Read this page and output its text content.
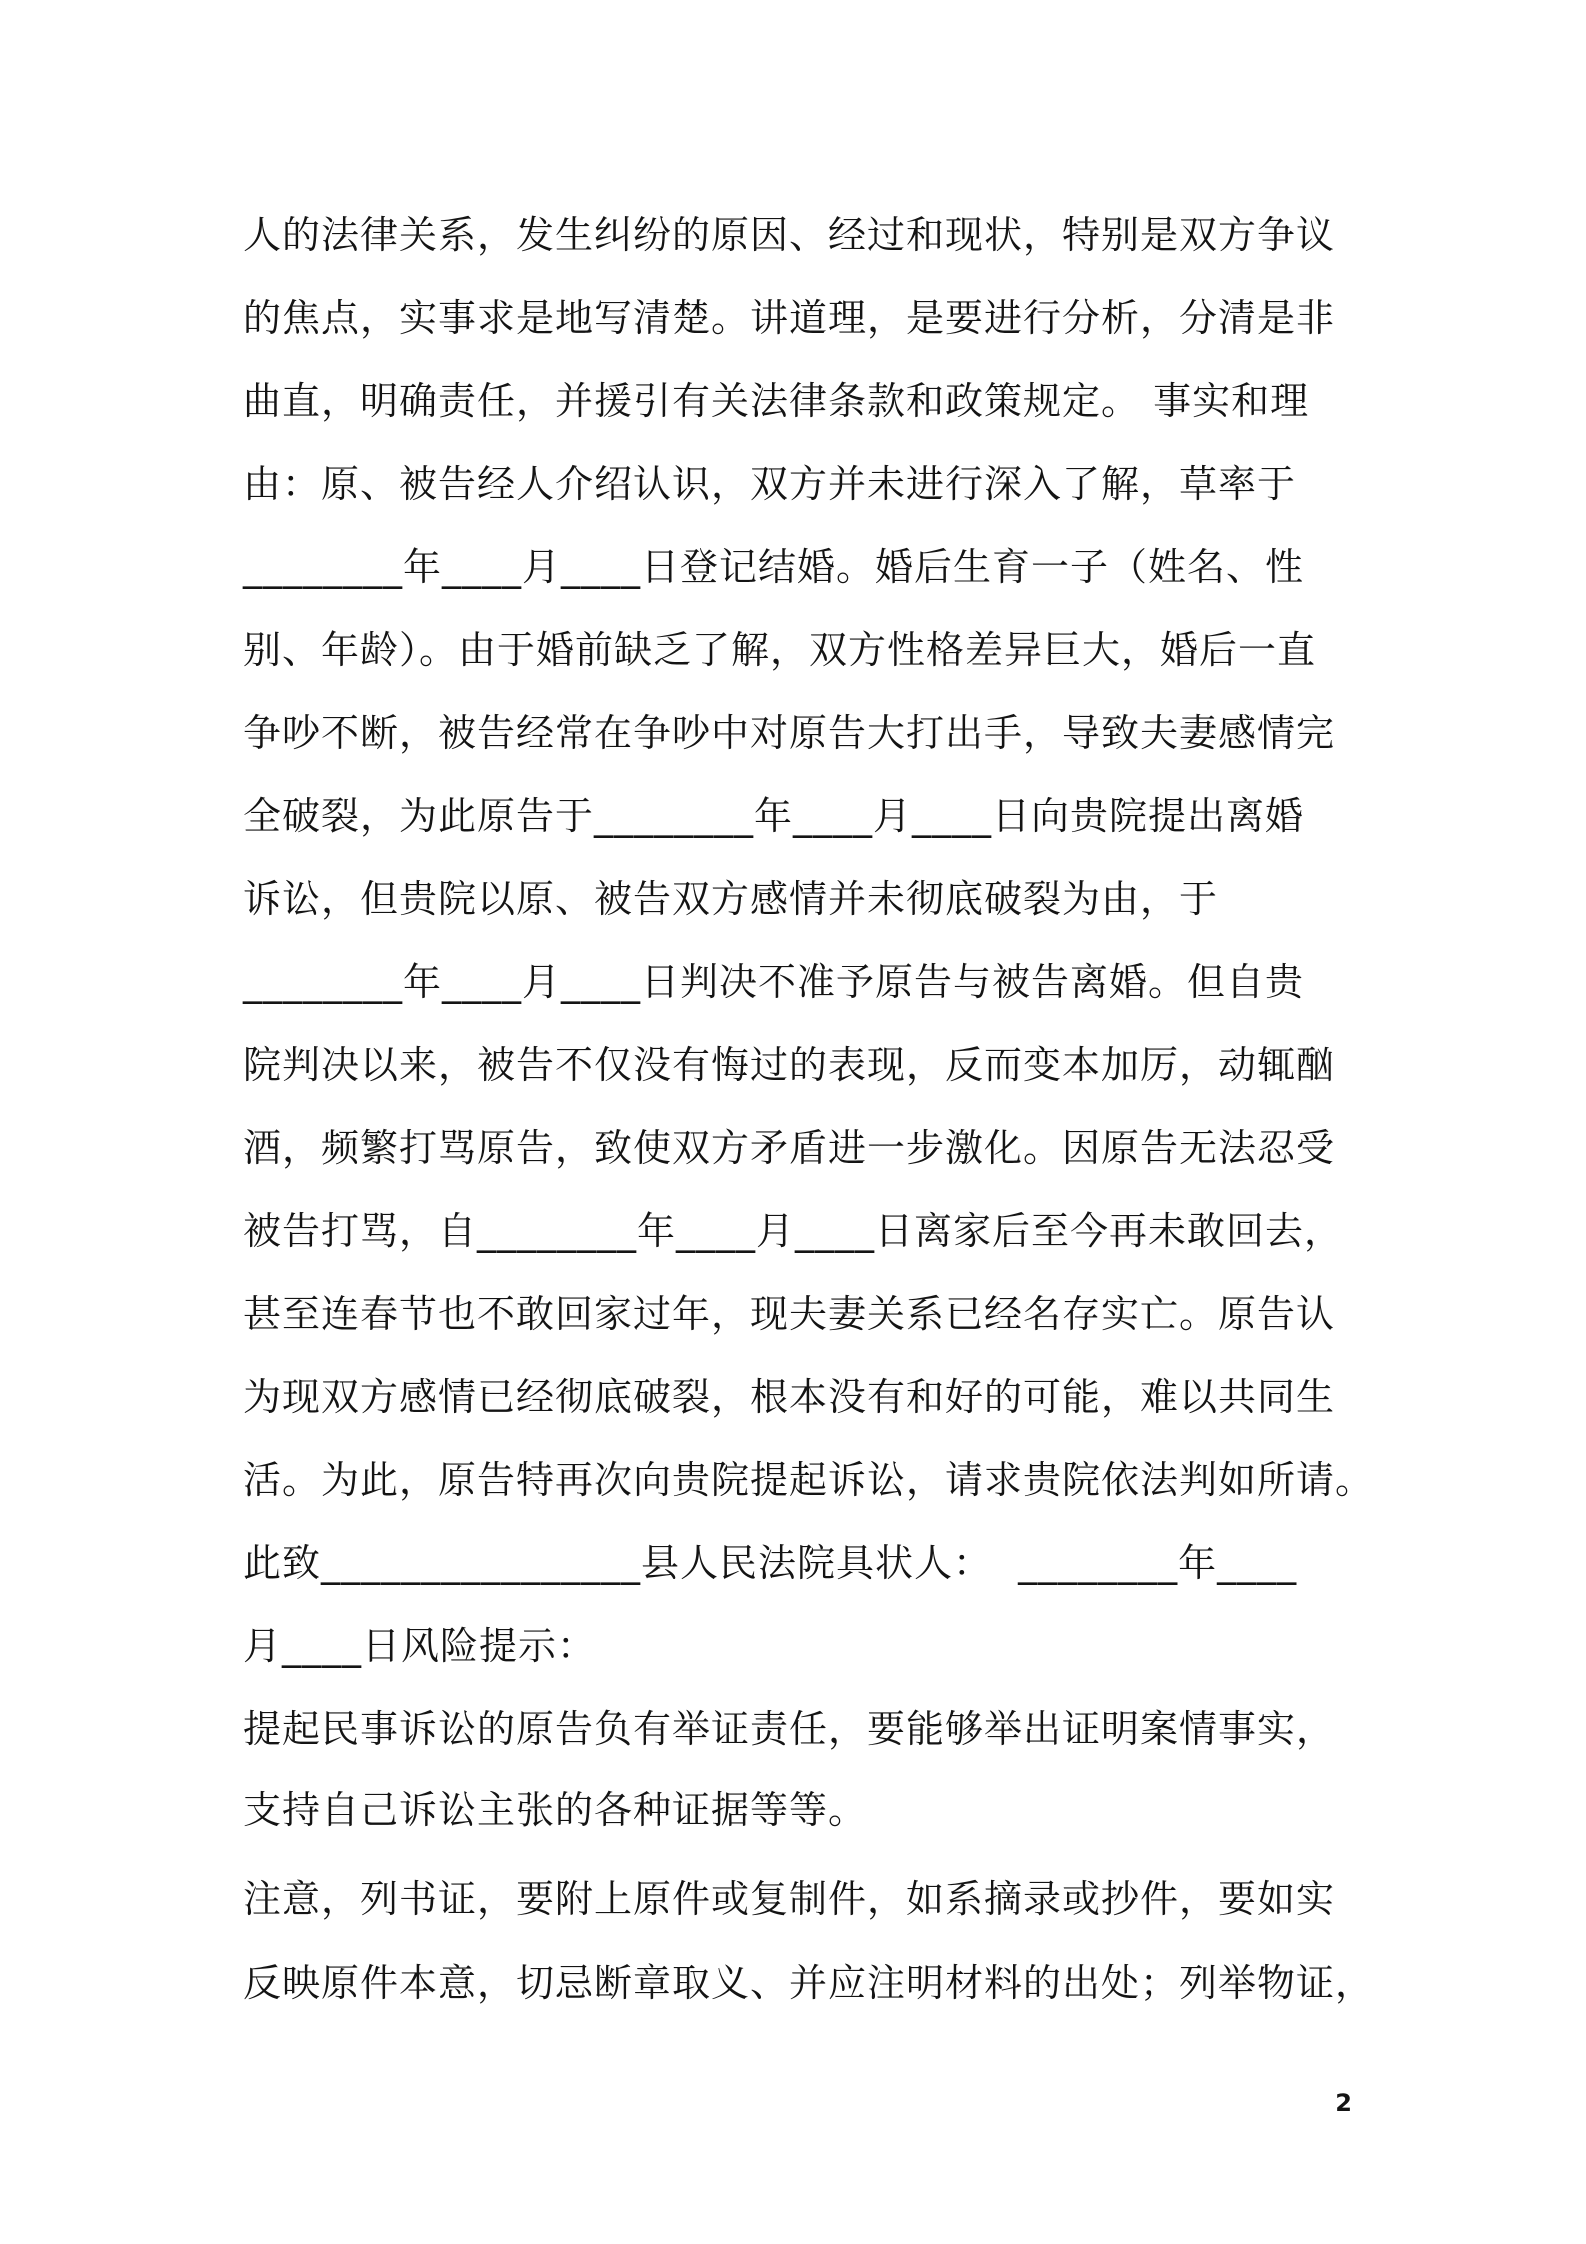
人的法律关系，发生纠纷的原因、经过和现状，特别是双方争议
的焦点，实事求是地写清楚。讲道理，是要进行分析，分清是非
曲直，明确责任，并援引有关法律条款和政策规定。 事实和理
由：原、被告经人介绍认识，双方并未进行深入了解，草率于
________年____月____日登记结婚。婚后生育一子（姓名、性
别、年龄）。由于婚前缺乏了解，双方性格差异巨大，婚后一直
争吵不断，被告经常在争吵中对原告大打出手，导致夫妻感情完
全破裂，为此原告于________年____月____日向贵院提出离婚
诉讼，但贵院以原、被告双方感情并未彻底破裂为由，于
________年____月____日判决不准予原告与被告离婚。但自贵
院判决以来，被告不仅没有悔过的表现，反而变本加厉，动辄酗
酒，频繁打骂原告，致使双方矛盾进一步激化。因原告无法忍受
被告打骂，自________年____月____日离家后至今再未敢回去，
甚至连春节也不敢回家过年，现夫妻关系已经名存实亡。原告认
为现双方感情已经彻底破裂，根本没有和好的可能，难以共同生
活。为此，原告特再次向贵院提起诉讼，请求贵院依法判如所请。
此致________________县人民法院具状人：  ________年____
月____日风险提示：
提起民事诉讼的原告负有举证责任，要能够举出证明案情事实，
支持自己诉讼主张的各种证据等等。
注意，列书证，要附上原件或复制件，如系摘录或抄件，要如实
反映原件本意，切忌断章取义、并应注明材料的出处；列举物证，
2
